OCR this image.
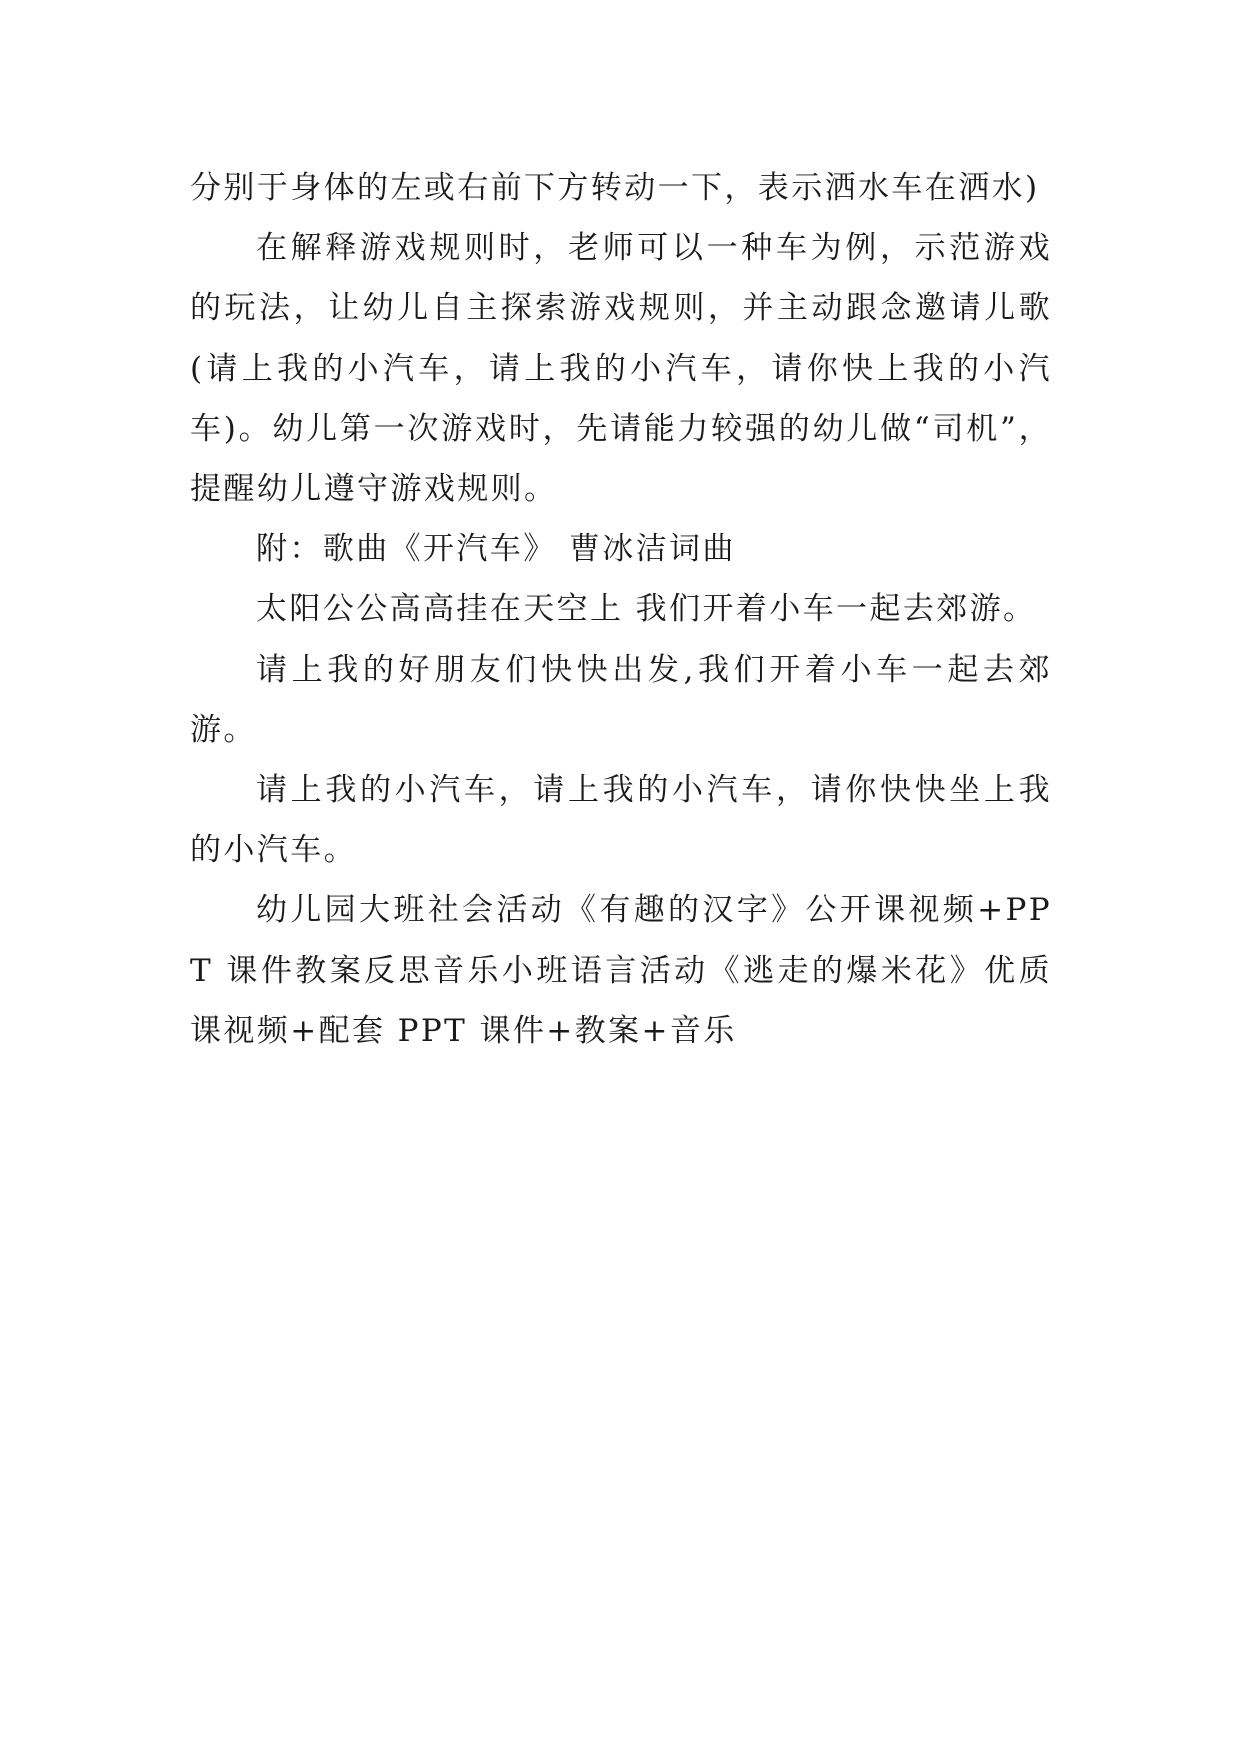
分别于身体的左或右前下方转动一下，表示洒水车在洒水)

在解释游戏规则时，老师可以一种车为例，示范游戏的玩法，让幼儿自主探索游戏规则，并主动跟念邀请儿歌(请上我的小汽车，请上我的小汽车，请你快上我的小汽车)。幼儿第一次游戏时，先请能力较强的幼儿做“司机”，提醒幼儿遵守游戏规则。

附：歌曲《开汽车》 曹冰洁词曲

太阳公公高高挂在天空上 我们开着小车一起去郊游。

请上我的好朋友们快快出发,我们开着小车一起去郊游。

请上我的小汽车，请上我的小汽车，请你快快坐上我的小汽车。

幼儿园大班社会活动《有趣的汉字》公开课视频+PPT 课件教案反思音乐小班语言活动《逃走的爆米花》优质课视频+配套 PPT 课件+教案+音乐
